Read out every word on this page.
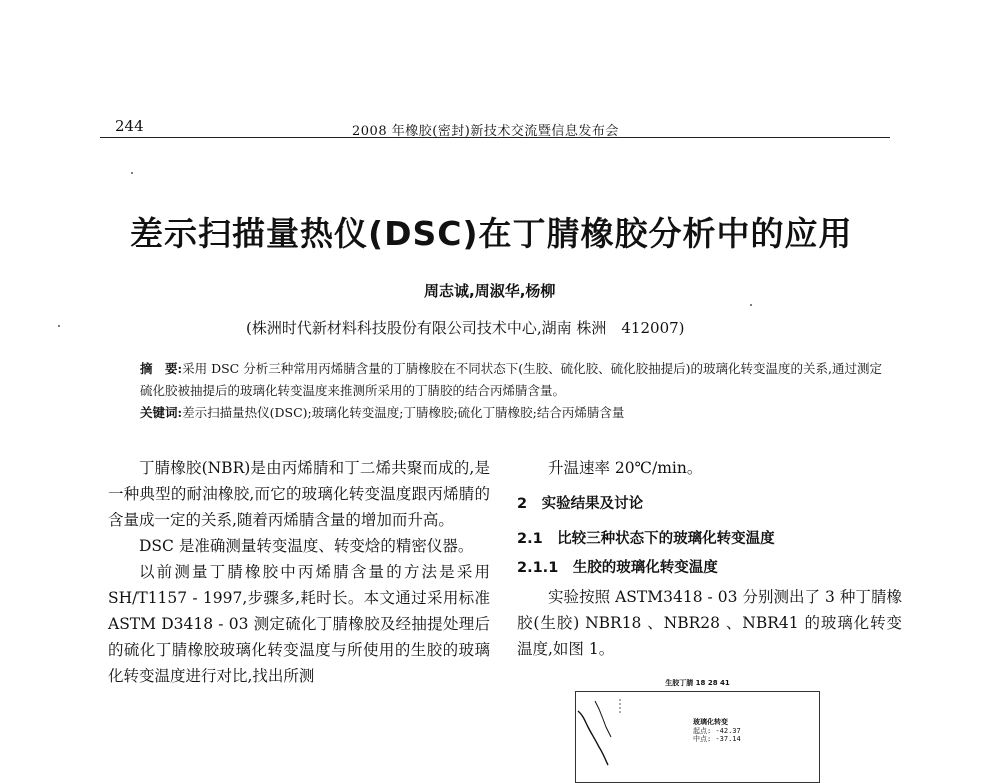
244	2008 年橡胶(密封)新技术交流暨信息发布会
差示扫描量热仪(DSC)在丁腈橡胶分析中的应用
周志诚,周淑华,杨柳
(株洲时代新材料科技股份有限公司技术中心,湖南 株洲　412007)
摘　要:采用 DSC 分析三种常用丙烯腈含量的丁腈橡胶在不同状态下(生胶、硫化胶、硫化胶抽提后)的玻璃化转变温度的关系,通过测定硫化胶被抽提后的玻璃化转变温度来推测所采用的丁腈胶的结合丙烯腈含量。
关键词:差示扫描量热仪(DSC);玻璃化转变温度;丁腈橡胶;硫化丁腈橡胶;结合丙烯腈含量

丁腈橡胶(NBR)是由丙烯腈和丁二烯共聚而成的,是一种典型的耐油橡胶,而它的玻璃化转变温度跟丙烯腈的含量成一定的关系,随着丙烯腈含量的增加而升高。

DSC 是准确测量转变温度、转变焓的精密仪器。

以前测量丁腈橡胶中丙烯腈含量的方法是采用 SH/T1157 - 1997,步骤多,耗时长。本文通过采用标准 ASTM D3418 - 03 测定硫化丁腈橡胶及经抽提处理后的硫化丁腈橡胶玻璃化转变温度与所使用的生胶的玻璃化转变温度进行对比,找出所测

升温速率 20℃/min。

2　实验结果及讨论
2.1　比较三种状态下的玻璃化转变温度
2.1.1　生胶的玻璃化转变温度

实验按照 ASTM3418 - 03 分别测出了 3 种丁腈橡胶(生胶) NBR18 、NBR28 、NBR41 的玻璃化转变温度,如图 1。

生胶丁腈 18 28 41
玻璃化转变
起点: -42.37
中点: -37.14
